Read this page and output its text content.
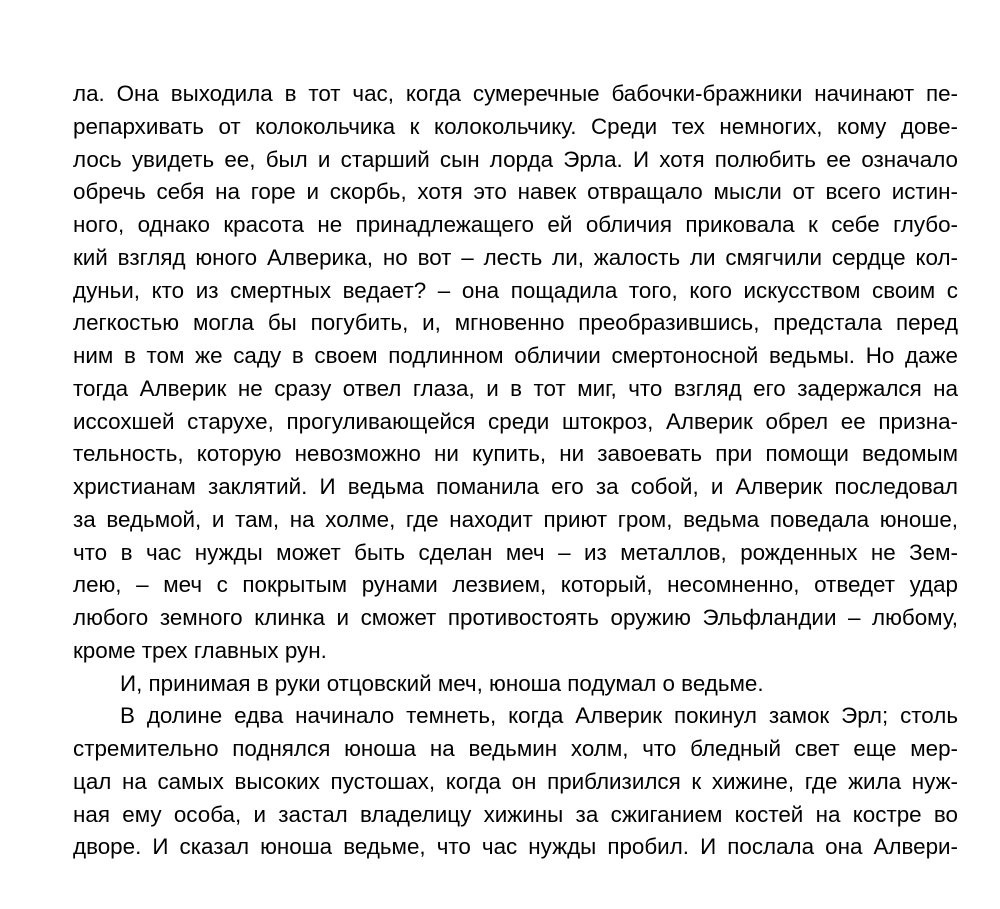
ла. Она выходила в тот час, когда сумеречные бабочки-бражники начинают пе-
репархивать от колокольчика к колокольчику. Среди тех немногих, кому дове-
лось увидеть ее, был и старший сын лорда Эрла. И хотя полюбить ее означало
обречь себя на горе и скорбь, хотя это навек отвращало мысли от всего истин-
ного, однако красота не принадлежащего ей обличия приковала к себе глубо-
кий взгляд юного Алверика, но вот – лесть ли, жалость ли смягчили сердце кол-
дуньи, кто из смертных ведает? – она пощадила того, кого искусством своим с
легкостью могла бы погубить, и, мгновенно преобразившись, предстала перед
ним в том же саду в своем подлинном обличии смертоносной ведьмы. Но даже
тогда Алверик не сразу отвел глаза, и в тот миг, что взгляд его задержался на
иссохшей старухе, прогуливающейся среди штокроз, Алверик обрел ее призна-
тельность, которую невозможно ни купить, ни завоевать при помощи ведомым
христианам заклятий. И ведьма поманила его за собой, и Алверик последовал
за ведьмой, и там, на холме, где находит приют гром, ведьма поведала юноше,
что в час нужды может быть сделан меч – из металлов, рожденных не Зем-
лею, – меч с покрытым рунами лезвием, который, несомненно, отведет удар
любого земного клинка и сможет противостоять оружию Эльфландии – любому,
кроме трех главных рун.
И, принимая в руки отцовский меч, юноша подумал о ведьме.
В долине едва начинало темнеть, когда Алверик покинул замок Эрл; столь
стремительно поднялся юноша на ведьмин холм, что бледный свет еще мер-
цал на самых высоких пустошах, когда он приблизился к хижине, где жила нуж-
ная ему особа, и застал владелицу хижины за сжиганием костей на костре во
дворе. И сказал юноша ведьме, что час нужды пробил. И послала она Алвери-
